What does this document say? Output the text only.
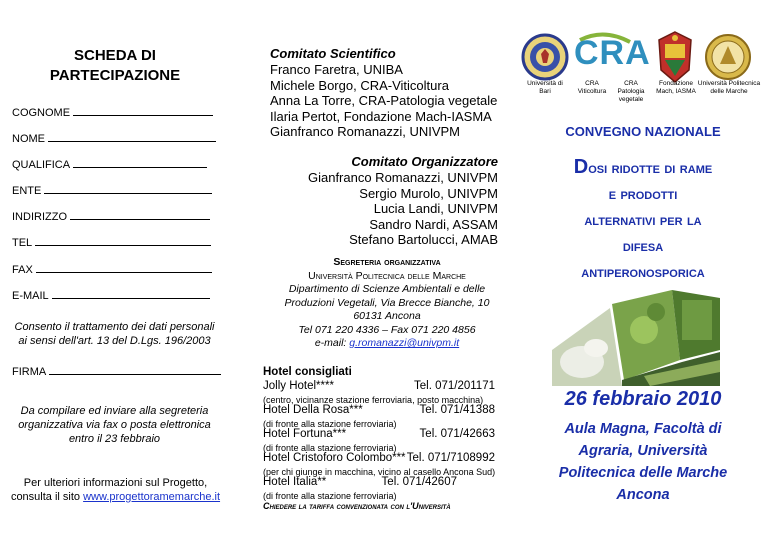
SCHEDA DI
PARTECIPAZIONE
COGNOME
NOME
QUALIFICA
ENTE
INDIRIZZO
TEL
FAX
E-MAIL
Consento il trattamento dei dati personali
ai sensi dell'art. 13 del D.Lgs. 196/2003
FIRMA
Da compilare ed inviare alla segreteria
organizzativa via fax o posta elettronica
entro il 23 febbraio
Per ulteriori informazioni sul Progetto,
consulta il sito www.progettoramemarche.it
Comitato Scientifico
Franco Faretra, UNIBA
Michele Borgo, CRA-Viticoltura
Anna La Torre, CRA-Patologia vegetale
Ilaria Pertot, Fondazione Mach-IASMA
Gianfranco Romanazzi, UNIVPM
Comitato Organizzatore
Gianfranco Romanazzi, UNIVPM
Sergio Murolo, UNIVPM
Lucia Landi, UNIVPM
Sandro Nardi, ASSAM
Stefano Bartolucci, AMAB
Segreteria organizzativa
Università Politecnica delle Marche
Dipartimento di Scienze Ambientali e delle
Produzioni Vegetali, Via Brecce Bianche, 10
60131 Ancona
Tel 071 220 4336 – Fax 071 220 4856
e-mail: g.romanazzi@univpm.it
Hotel consigliati
Jolly Hotel****	Tel. 071/201171
(centro, vicinanze stazione ferroviaria, posto macchina)
Hotel Della Rosa***	Tel. 071/41388
(di fronte alla stazione ferroviaria)
Hotel Fortuna***	Tel. 071/42663
(di fronte alla stazione ferroviaria)
Hotel Cristoforo Colombo*** Tel. 071/7108992
(per chi giunge in macchina, vicino al casello Ancona Sud)
Hotel Italia**	Tel. 071/42607
(di fronte alla stazione ferroviaria)
Chiedere la tariffa convenzionata con l'Università
Università di
Bari
CRA
CRA
Viticoltura
CRA
Patologia vegetale
Fondazione
Mach, IASMA
Università Politecnica
delle Marche
CONVEGNO NAZIONALE
Dosi ridotte di rame
e prodotti
alternativi per la
difesa
antiperonosporica
26 febbraio 2010
Aula Magna, Facoltà di
Agraria, Università
Politecnica delle Marche
Ancona
